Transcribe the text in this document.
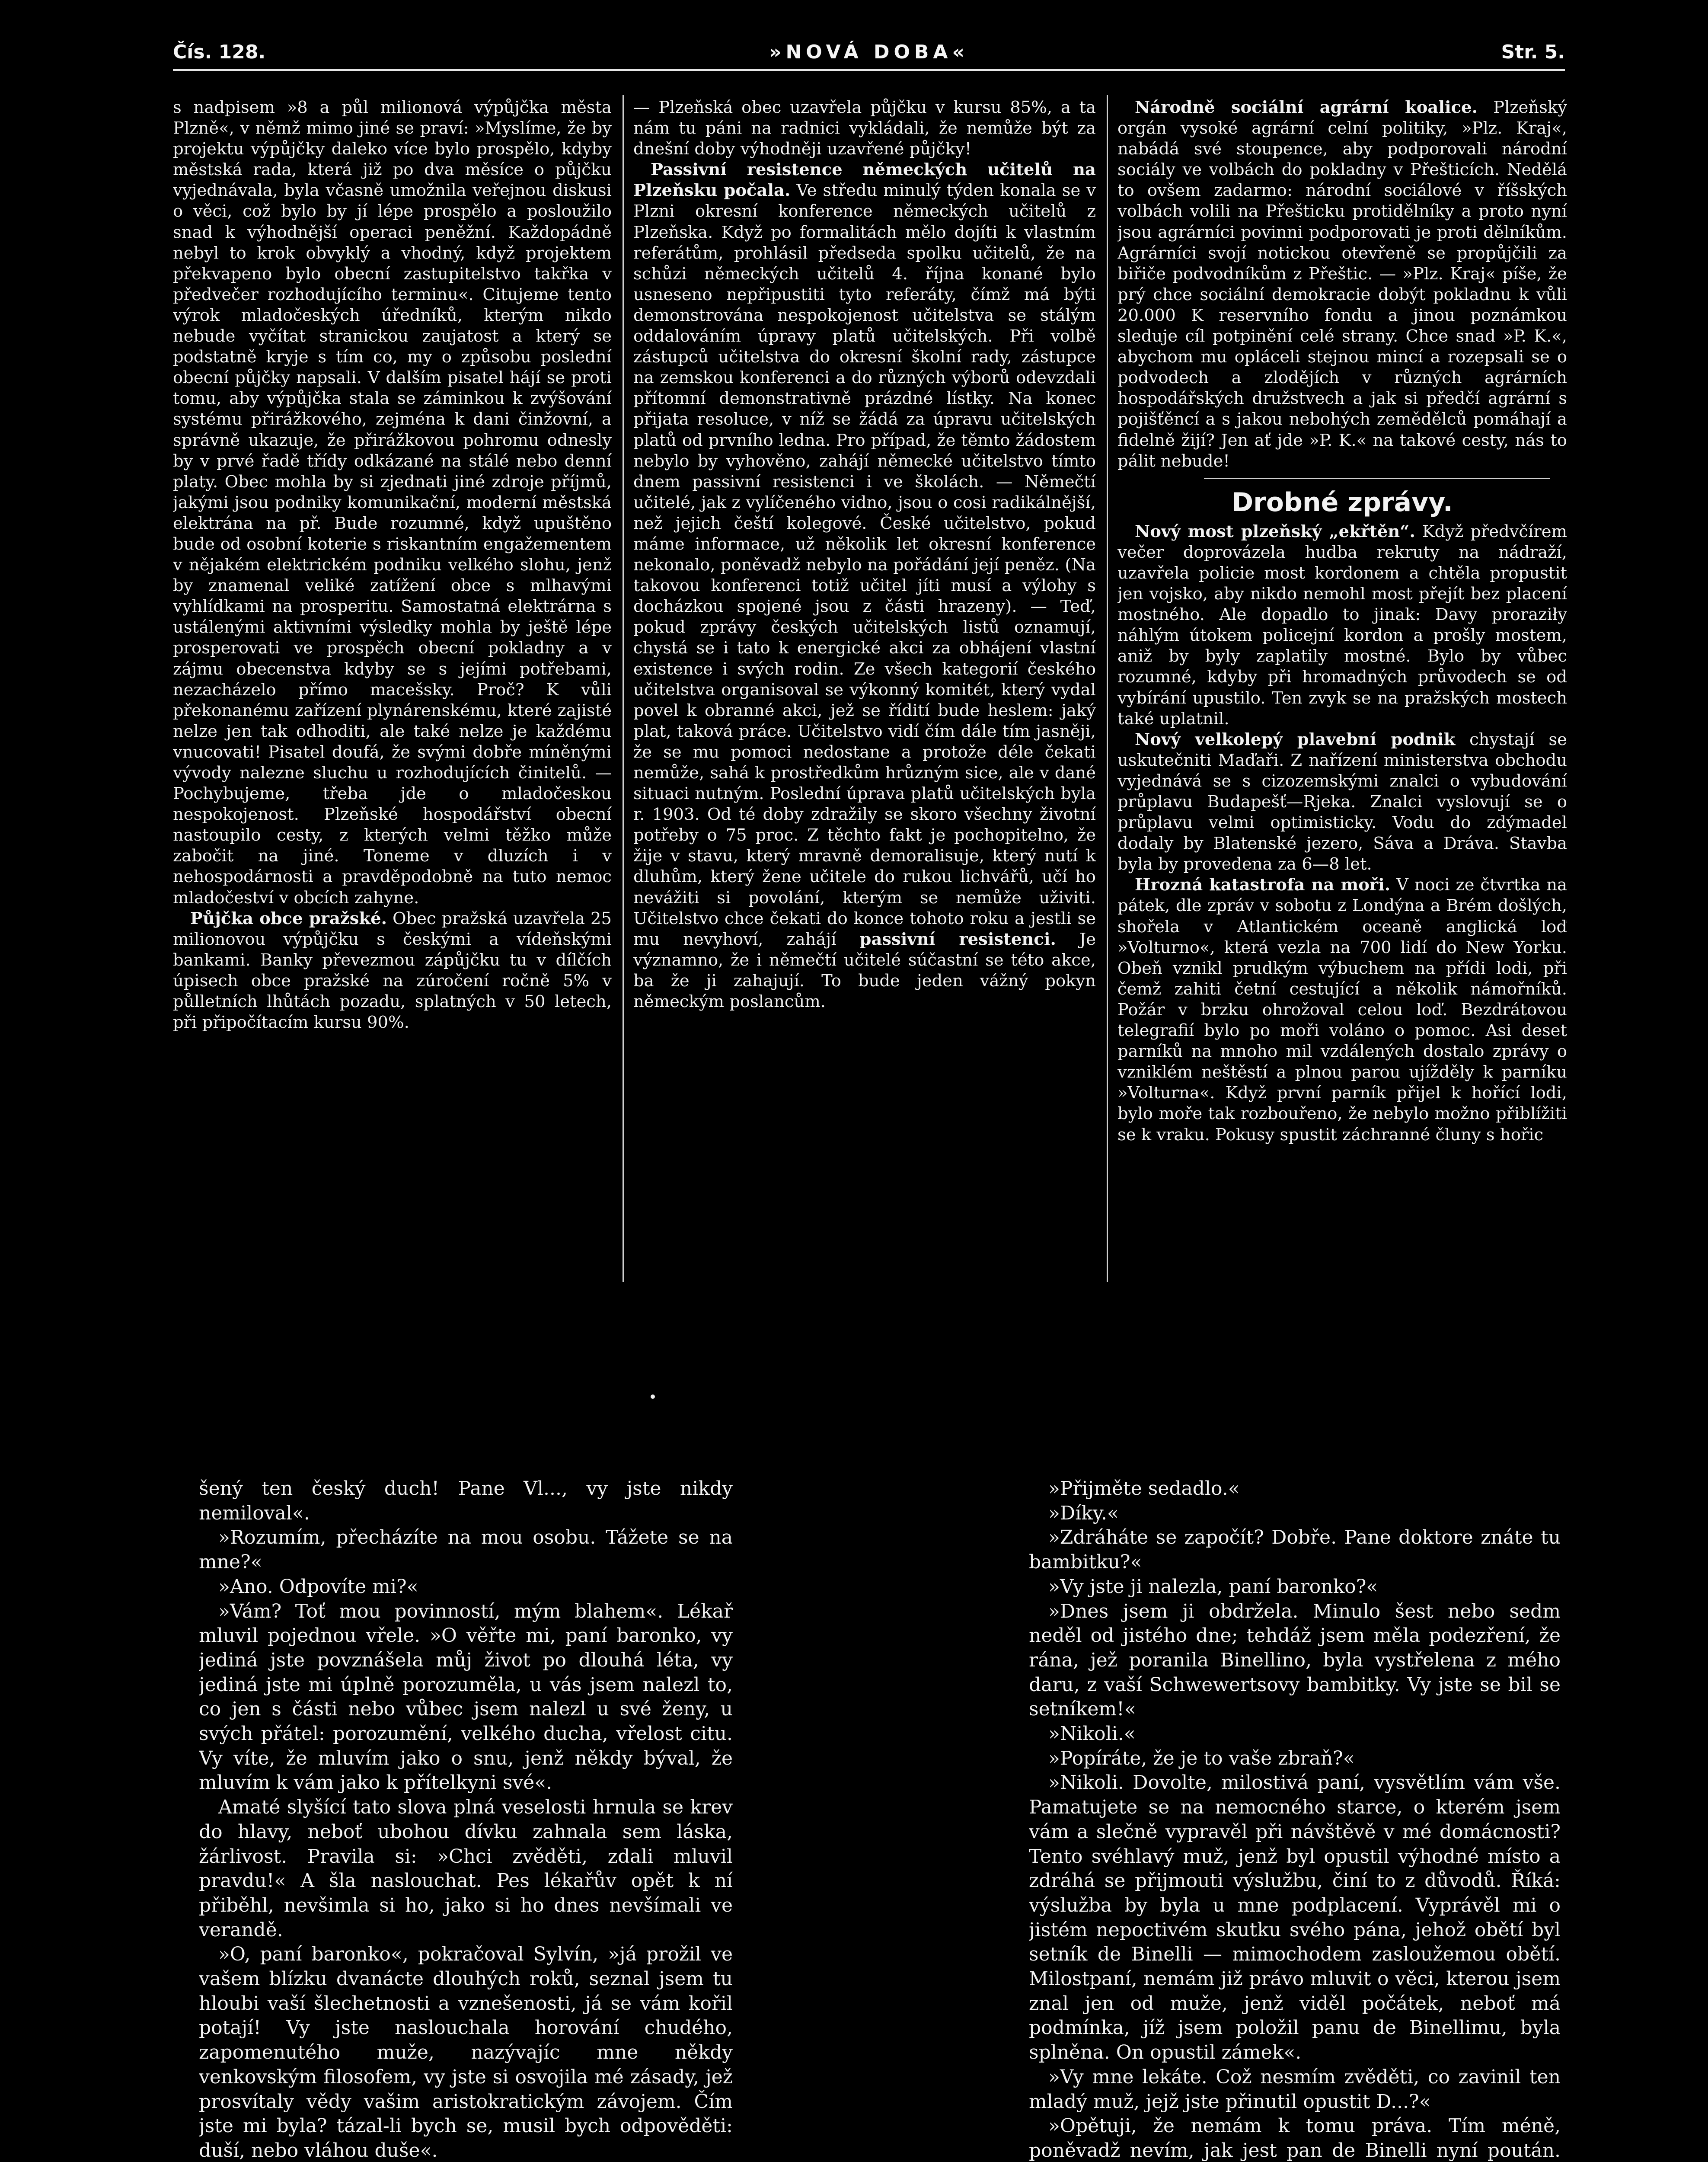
Čís. 128.	»NOVÁ DOBA«	Str. 5.

s nadpisem »8 a půl milionová výpůjčka města Plzně«, v němž mimo jiné se praví: »Myslíme, že by projektu výpůjčky daleko více bylo prospělo, kdyby městská rada, která již po dva měsíce o půjčku vyjednávala, byla včasně umožnila veřejnou diskusi o věci, což bylo by jí lépe prospělo a posloužilo snad k výhodnější operaci peněžní. Každopádně nebyl to krok obvyklý a vhodný, když projektem překvapeno bylo obecní zastupitelstvo takřka v předvečer rozhodujícího terminu«. Citujeme tento výrok mladočeských úředníků, kterým nikdo nebude vyčítat stranickou zaujatost a který se podstatně kryje s tím co, my o způsobu poslední obecní půjčky napsali. V dalším pisatel hájí se proti tomu, aby výpůjčka stala se záminkou k zvýšování systému přirážkového, zejména k dani činžovní, a správně ukazuje, že přirážkovou pohromu odnesly by v prvé řadě třídy odkázané na stálé nebo denní platy. Obec mohla by si zjednati jiné zdroje příjmů, jakými jsou podniky komunikační, moderní městská elektrána na př. Bude rozumné, když upuštěno bude od osobní koterie s riskantním engažementem v nějakém elektrickém podniku velkého slohu, jenž by znamenal veliké zatížení obce s mlhavými vyhlídkami na prosperitu. Samostatná elektrárna s ustálenými aktivními výsledky mohla by ještě lépe prosperovati ve prospěch obecní pokladny a v zájmu obecenstva kdyby se s jejími potřebami, nezacházelo přímo macešsky. Proč? K vůli překonanému zařízení plynárenskému, které zajisté nelze jen tak odhoditi, ale také nelze je každému vnucovati! Pisatel doufá, že svými dobře míněnými vývody nalezne sluchu u rozhodujících činitelů. — Pochybujeme, třeba jde o mladočeskou nespokojenost. Plzeňské hospodářství obecní nastoupilo cesty, z kterých velmi těžko může zabočit na jiné. Toneme v dluzích i v nehospodárnosti a pravděpodobně na tuto nemoc mladočeství v obcích zahyne.

Půjčka obce pražské. Obec pražská uzavřela 25 milionovou výpůjčku s českými a vídeňskými bankami. Banky převezmou zápůjčku tu v dílčích úpisech obce pražské na zúročení ročně 5% v půlletních lhůtách pozadu, splatných v 50 letech, při připočítacím kursu 90%.

— Plzeňská obec uzavřela půjčku v kursu 85%, a ta nám tu páni na radnici vykládali, že nemůže být za dnešní doby výhodněji uzavřené půjčky!

Passivní resistence německých učitelů na Plzeňsku počala. Ve středu minulý týden konala se v Plzni okresní konference německých učitelů z Plzeňska. Když po formalitách mělo dojíti k vlastním referátům, prohlásil předseda spolku učitelů, že na schůzi německých učitelů 4. října konané bylo usneseno nepřipustiti tyto referáty, čímž má býti demonstrována nespokojenost učitelstva se stálým oddalováním úpravy platů učitelských. Při volbě zástupců učitelstva do okresní školní rady, zástupce na zemskou konferenci a do různých výborů odevzdali přítomní demonstrativně prázdné lístky. Na konec přijata resoluce, v níž se žádá za úpravu učitelských platů od prvního ledna. Pro případ, že těmto žádostem nebylo by vyhověno, zahájí německé učitelstvo tímto dnem passivní resistenci i ve školách. — Němečtí učitelé, jak z vylíčeného vidno, jsou o cosi radikálnější, než jejich čeští kolegové. České učitelstvo, pokud máme informace, už několik let okresní konference nekonalo, poněvadž nebylo na pořádání její peněz. (Na takovou konferenci totiž učitel jíti musí a výlohy s docházkou spojené jsou z části hrazeny). — Teď, pokud zprávy českých učitelských listů oznamují, chystá se i tato k energické akci za obhájení vlastní existence i svých rodin. Ze všech kategorií českého učitelstva organisoval se výkonný komitét, který vydal povel k obranné akci, jež se řídití bude heslem: jaký plat, taková práce. Učitelstvo vidí čím dále tím jasněji, že se mu pomoci nedostane a protože déle čekati nemůže, sahá k prostředkům hrůzným sice, ale v dané situaci nutným. Poslední úprava platů učitelských byla r. 1903. Od té doby zdražily se skoro všechny životní potřeby o 75 proc. Z těchto fakt je pochopitelno, že žije v stavu, který mravně demoralisuje, který nutí k dluhům, který žene učitele do rukou lichvářů, učí ho nevážiti si povolání, kterým se nemůže uživiti. Učitelstvo chce čekati do konce tohoto roku a jestli se mu nevyhoví, zahájí passivní resistenci. Je významno, že i němečtí učitelé súčastní se této akce, ba že ji zahajují. To bude jeden vážný pokyn německým poslancům.

Národně sociální agrární koalice. Plzeňský orgán vysoké agrární celní politiky, »Plz. Kraj«, nabádá své stoupence, aby podporovali národní sociály ve volbách do pokladny v Přešticích. Nedělá to ovšem zadarmo: národní sociálové v říšských volbách volili na Přešticku protidělníky a proto nyní jsou agrárníci povinni podporovati je proti dělníkům. Agrárníci svojí notickou otevřeně se propůjčili za biřiče podvodníkům z Přeštic. — »Plz. Kraj« píše, že prý chce sociální demokracie dobýt pokladnu k vůli 20.000 K reservního fondu a jinou poznámkou sleduje cíl potpinění celé strany. Chce snad »P. K.«, abychom mu opláceli stejnou mincí a rozepsali se o podvodech a zlodějích v různých agrárních hospodářských družstvech a jak si předčí agrární s pojišťěncí a s jakou nebohých zemědělců pomáhají a fidelně žijí? Jen ať jde »P. K.« na takové cesty, nás to pálit nebude!

Drobné zprávy.

Nový most plzeňský „ekřtěn“. Když předvčírem večer doprovázela hudba rekruty na nádraží, uzavřela policie most kordonem a chtěla propustit jen vojsko, aby nikdo nemohl most přejít bez placení mostného. Ale dopadlo to jinak: Davy proraziły náhlým útokem policejní kordon a prošly mostem, aniž by byly zaplatily mostné. Bylo by vůbec rozumné, kdyby při hromadných průvodech se od vybírání upustilo. Ten zvyk se na pražských mostech také uplatnil.

Nový velkolepý plavební podnik chystají se uskutečniti Maďaři. Z nařízení ministerstva obchodu vyjednává se s cizozemskými znalci o vybudování průplavu Budapešť—Rjeka. Znalci vyslovují se o průplavu velmi optimisticky. Vodu do zdýmadel dodaly by Blatenské jezero, Sáva a Dráva. Stavba byla by provedena za 6—8 let.

Hrozná katastrofa na moři. V noci ze čtvrtka na pátek, dle zpráv v sobotu z Londýna a Brém došlých, shořela v Atlantickém oceaně anglická loď »Volturno«, která vezla na 700 lidí do New Yorku. Obeň vznikl prudkým výbuchem na přídi lodi, při čemž zahiti četní cestující a několik námořníků. Požár v brzku ohrožoval celou loď. Bezdrátovou telegrafií bylo po moři voláno o pomoc. Asi deset parníků na mnoho mil vzdálených dostalo zprávy o vzniklém neštěstí a plnou parou ujížděly k parníku »Volturna«. Když první parník přijel k hořící lodi, bylo moře tak rozbouřeno, že nebylo možno přiblížiti se k vraku. Pokusy spustit záchranné čluny s hořic

šený ten český duch! Pane Vl..., vy jste nikdy nemiloval«.

»Rozumím, přecházíte na mou osobu. Tážete se na mne?«

»Ano. Odpovíte mi?«

»Vám? Toť mou povinností, mým blahem«. Lékař mluvil pojednou vřele. »O věřte mi, paní baronko, vy jediná jste povznášela můj život po dlouhá léta, vy jediná jste mi úplně porozuměla, u vás jsem nalezl to, co jen s části nebo vůbec jsem nalezl u své ženy, u svých přátel: porozumění, velkého ducha, vřelost citu. Vy víte, že mluvím jako o snu, jenž někdy býval, že mluvím k vám jako k přítelkyni své«.

Amaté slyšící tato slova plná veselosti hrnula se krev do hlavy, neboť ubohou dívku zahnala sem láska, žárlivost. Pravila si: »Chci zvěděti, zdali mluvil pravdu!« A šla naslouchat. Pes lékařův opět k ní přiběhl, nevšimla si ho, jako si ho dnes nevšímali ve verandě.

»O, paní baronko«, pokračoval Sylvín, »já prožil ve vašem blízku dvanácte dlouhých roků, seznal jsem tu hloubi vaší šlechetnosti a vznešenosti, já se vám kořil potají! Vy jste naslouchala horování chudého, zapomenutého muže, nazývajíc mne někdy venkovským filosofem, vy jste si osvojila mé zásady, jež prosvítaly vědy vašim aristokratickým závojem. Čím jste mi byla? tázal-li bych se, musil bych odpověděti: duší, nebo vláhou duše«.

»Přijměte sedadlo.«

»Díky.«

»Zdráháte se započít? Dobře. Pane doktore znáte tu bambitku?«

»Vy jste ji nalezla, paní baronko?«

»Dnes jsem ji obdržela. Minulo šest nebo sedm neděl od jistého dne; tehdáž jsem měla podezření, že rána, jež poranila Binellino, byla vystřelena z mého daru, z vaší Schwewertsovy bambitky. Vy jste se bil se setníkem!«

»Nikoli.«

»Popíráte, že je to vaše zbraň?«

»Nikoli. Dovolte, milostivá paní, vysvětlím vám vše. Pamatujete se na nemocného starce, o kterém jsem vám a slečně vypravěl při návštěvě v mé domácnosti? Tento svéhlavý muž, jenž byl opustil výhodné místo a zdráhá se přijmouti výslužbu, činí to z důvodů. Říká: výslužba by byla u mne podplacení. Vyprávěl mi o jistém nepoctivém skutku svého pána, jehož obětí byl setník de Binelli — mimochodem zasloužemou obětí. Milostpaní, nemám již právo mluvit o věci, kterou jsem znal jen od muže, jenž viděl počátek, neboť má podmínka, jíž jsem položil panu de Binellimu, byla splněna. On opustil zámek«.

»Vy mne lekáte. Což nesmím zvěděti, co zavinil ten mladý muž, jejž jste přinutil opustit D...?«

»Opětuji, že nemám k tomu práva. Tím méně, poněvadž nevím, jak jest pan de Binelli nyní poután.
